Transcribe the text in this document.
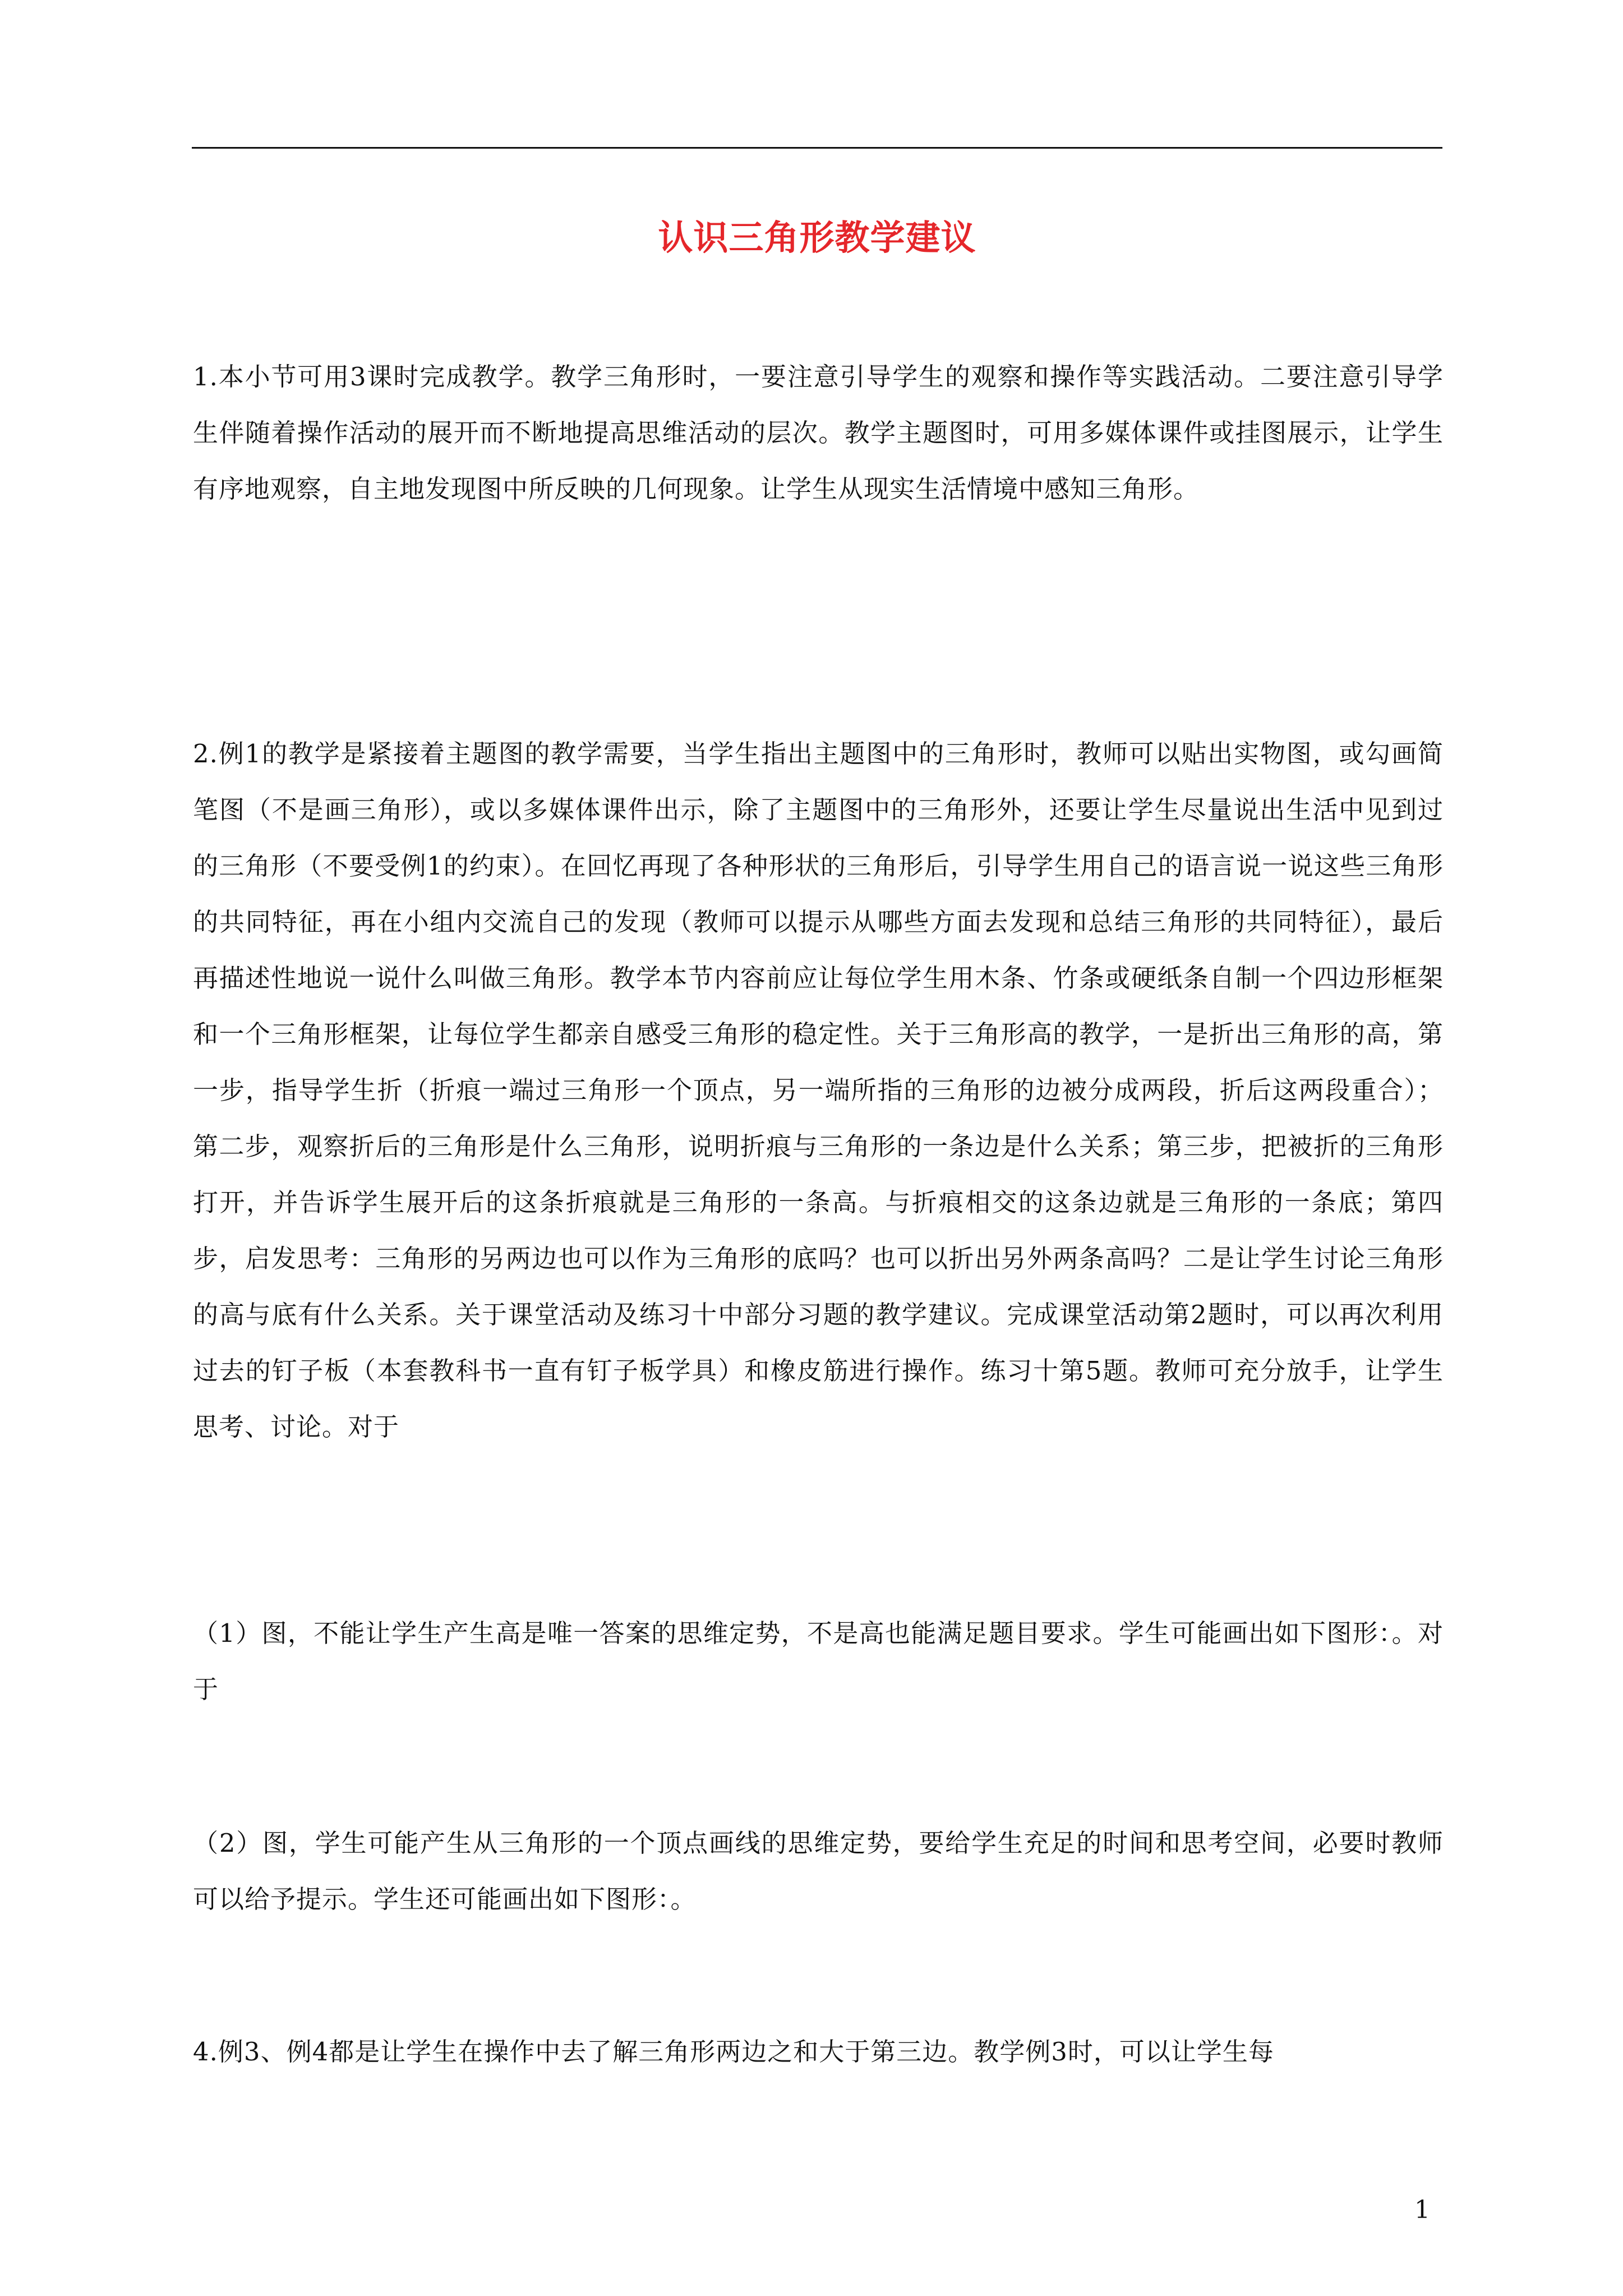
认识三角形教学建议
1.本小节可用3课时完成教学。教学三角形时，一要注意引导学生的观察和操作等实践活动。二要注意引导学生伴随着操作活动的展开而不断地提高思维活动的层次。教学主题图时，可用多媒体课件或挂图展示，让学生有序地观察，自主地发现图中所反映的几何现象。让学生从现实生活情境中感知三角形。
2.例1的教学是紧接着主题图的教学需要，当学生指出主题图中的三角形时，教师可以贴出实物图，或勾画简笔图（不是画三角形），或以多媒体课件出示，除了主题图中的三角形外，还要让学生尽量说出生活中见到过的三角形（不要受例1的约束）。在回忆再现了各种形状的三角形后，引导学生用自己的语言说一说这些三角形的共同特征，再在小组内交流自己的发现（教师可以提示从哪些方面去发现和总结三角形的共同特征），最后再描述性地说一说什么叫做三角形。教学本节内容前应让每位学生用木条、竹条或硬纸条自制一个四边形框架和一个三角形框架，让每位学生都亲自感受三角形的稳定性。关于三角形高的教学，一是折出三角形的高，第一步，指导学生折（折痕一端过三角形一个顶点，另一端所指的三角形的边被分成两段，折后这两段重合）；第二步，观察折后的三角形是什么三角形，说明折痕与三角形的一条边是什么关系；第三步，把被折的三角形打开，并告诉学生展开后的这条折痕就是三角形的一条高。与折痕相交的这条边就是三角形的一条底；第四步，启发思考：三角形的另两边也可以作为三角形的底吗？也可以折出另外两条高吗？二是让学生讨论三角形的高与底有什么关系。关于课堂活动及练习十中部分习题的教学建议。完成课堂活动第2题时，可以再次利用过去的钉子板（本套教科书一直有钉子板学具）和橡皮筋进行操作。练习十第5题。教师可充分放手，让学生思考、讨论。对于
（1）图，不能让学生产生高是唯一答案的思维定势，不是高也能满足题目要求。学生可能画出如下图形：。对于
（2）图，学生可能产生从三角形的一个顶点画线的思维定势，要给学生充足的时间和思考空间，必要时教师可以给予提示。学生还可能画出如下图形：。
4.例3、例4都是让学生在操作中去了解三角形两边之和大于第三边。教学例3时，可以让学生每
1
